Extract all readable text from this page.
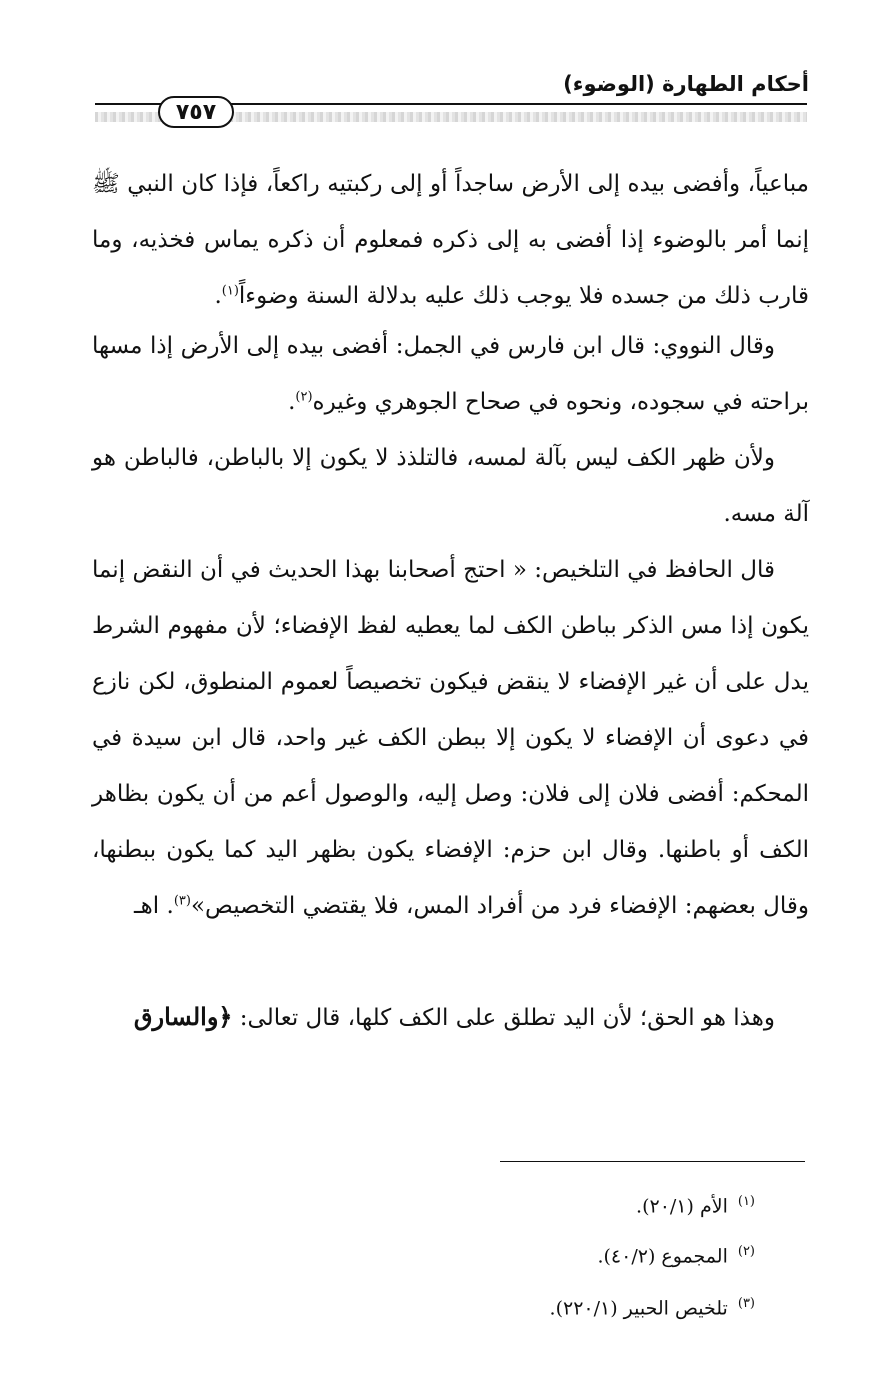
أحكام الطهارة (الوضوء)
٧٥٧
مباعياً، وأفضى بيده إلى الأرض ساجداً أو إلى ركبتيه راكعاً، فإذا كان النبي ﷺ إنما أمر بالوضوء إذا أفضى به إلى ذكره فمعلوم أن ذكره يماس فخذيه، وما قارب ذلك من جسده فلا يوجب ذلك عليه بدلالة السنة وضوءاً$^{(١)}$.
وقال النووي: قال ابن فارس في الجمل: أفضى بيده إلى الأرض إذا مسها براحته في سجوده، ونحوه في صحاح الجوهري وغيره$^{(٢)}$.
ولأن ظهر الكف ليس بآلة لمسه، فالتلذذ لا يكون إلا بالباطن، فالباطن هو آلة مسه.
قال الحافظ في التلخيص: « احتج أصحابنا بهذا الحديث في أن النقض إنما يكون إذا مس الذكر بباطن الكف لما يعطيه لفظ الإفضاء؛ لأن مفهوم الشرط يدل على أن غير الإفضاء لا ينقض فيكون تخصيصاً لعموم المنطوق، لكن نازع في دعوى أن الإفضاء لا يكون إلا ببطن الكف غير واحد، قال ابن سيدة في المحكم: أفضى فلان إلى فلان: وصل إليه، والوصول أعم من أن يكون بظاهر الكف أو باطنها. وقال ابن حزم: الإفضاء يكون بظهر اليد كما يكون ببطنها، وقال بعضهم: الإفضاء فرد من أفراد المس، فلا يقتضي التخصيص»$^{(٣)}$. اهـ
وهذا هو الحق؛ لأن اليد تطلق على الكف كلها، قال تعالى: ﴿والسارق
$^{(١)}$الأم (٢٠/١).
$^{(٢)}$المجموع (٤٠/٢).
$^{(٣)}$تلخيص الحبير (٢٢٠/١).
